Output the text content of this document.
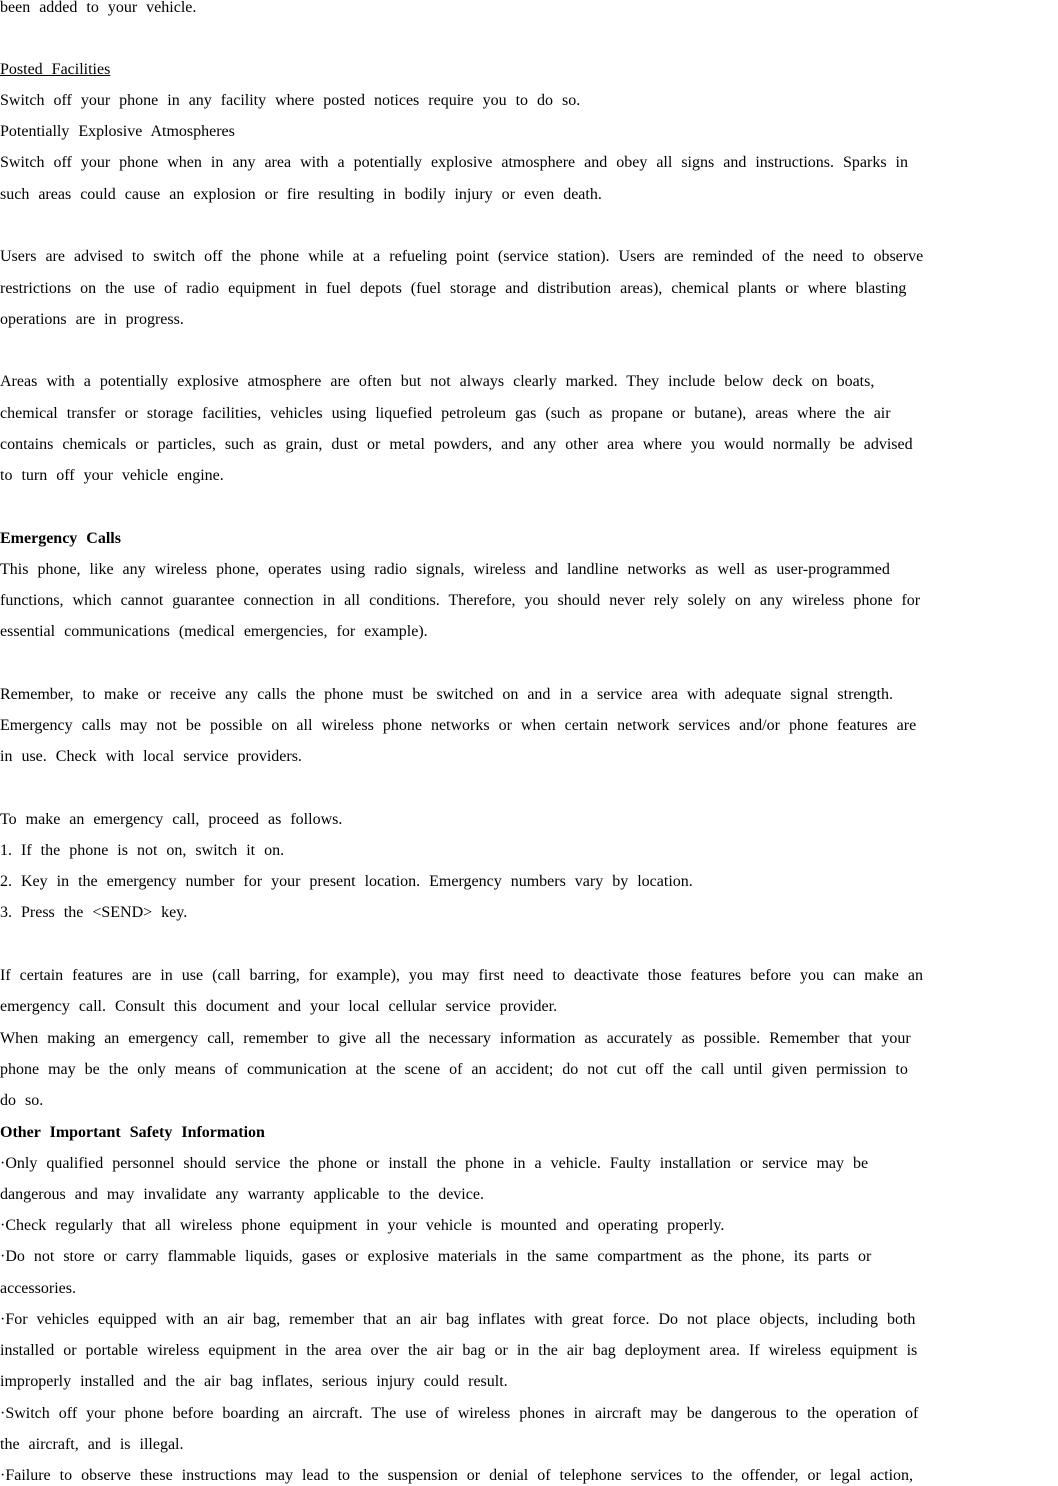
been added to your vehicle.
Posted Facilities
Switch off your phone in any facility where posted notices require you to do so.
Potentially Explosive Atmospheres
Switch off your phone when in any area with a potentially explosive atmosphere and obey all signs and instructions. Sparks in
such areas could cause an explosion or fire resulting in bodily injury or even death.
Users are advised to switch off the phone while at a refueling point (service station). Users are reminded of the need to observe
restrictions on the use of radio equipment in fuel depots (fuel storage and distribution areas), chemical plants or where blasting
operations are in progress.
Areas with a potentially explosive atmosphere are often but not always clearly marked. They include below deck on boats,
chemical transfer or storage facilities, vehicles using liquefied petroleum gas (such as propane or butane), areas where the air
contains chemicals or particles, such as grain, dust or metal powders, and any other area where you would normally be advised
to turn off your vehicle engine.
Emergency Calls
This phone, like any wireless phone, operates using radio signals, wireless and landline networks as well as user-programmed
functions, which cannot guarantee connection in all conditions. Therefore, you should never rely solely on any wireless phone for
essential communications (medical emergencies, for example).
Remember, to make or receive any calls the phone must be switched on and in a service area with adequate signal strength.
Emergency calls may not be possible on all wireless phone networks or when certain network services and/or phone features are
in use. Check with local service providers.
To make an emergency call, proceed as follows.
1. If the phone is not on, switch it on.
2. Key in the emergency number for your present location. Emergency numbers vary by location.
3. Press the <SEND> key.
If certain features are in use (call barring, for example), you may first need to deactivate those features before you can make an
emergency call. Consult this document and your local cellular service provider.
When making an emergency call, remember to give all the necessary information as accurately as possible. Remember that your
phone may be the only means of communication at the scene of an accident; do not cut off the call until given permission to
do so.
Other Important Safety Information
·Only qualified personnel should service the phone or install the phone in a vehicle. Faulty installation or service may be
dangerous and may invalidate any warranty applicable to the device.
·Check regularly that all wireless phone equipment in your vehicle is mounted and operating properly.
·Do not store or carry flammable liquids, gases or explosive materials in the same compartment as the phone, its parts or
accessories.
·For vehicles equipped with an air bag, remember that an air bag inflates with great force. Do not place objects, including both
installed or portable wireless equipment in the area over the air bag or in the air bag deployment area. If wireless equipment is
improperly installed and the air bag inflates, serious injury could result.
·Switch off your phone before boarding an aircraft. The use of wireless phones in aircraft may be dangerous to the operation of
the aircraft, and is illegal.
·Failure to observe these instructions may lead to the suspension or denial of telephone services to the offender, or legal action,
